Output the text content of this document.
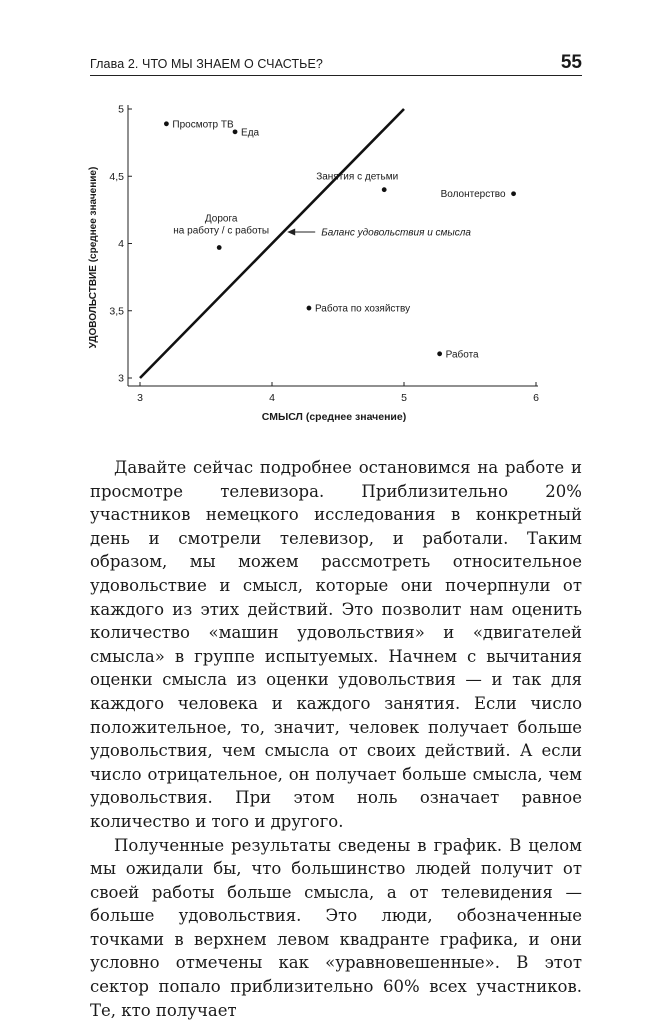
Глава 2. ЧТО МЫ ЗНАЕМ О СЧАСТЬЕ?	55
3
3,5
4
4,5
5
3	4	5	6
СМЫСЛ (среднее значение)
УДОВОЛЬСТВИЕ (среднее значение)	Баланс удовольствия и смысла
Просмотр ТВ
Еда
Занятия с детьми
Волонтерство
Дорога на работу / с работы
Работа по хозяйству
Работа

Давайте сейчас подробнее остановимся на работе и просмотре телевизора. Приблизительно 20% участников немецкого исследования в конкретный день и смотрели телевизор, и работали. Таким образом, мы можем рассмотреть относительное удовольствие и смысл, которые они почерпнули от каждого из этих действий. Это позволит нам оценить количество «машин удовольствия» и «двигателей смысла» в группе испытуемых. Начнем с вычитания оценки смысла из оценки удовольствия — и так для каждого человека и каждого занятия. Если число положительное, то, значит, человек получает больше удовольствия, чем смысла от своих действий. А если число отрицательное, он получает больше смысла, чем удовольствия. При этом ноль означает равное количество и того и другого.

Полученные результаты сведены в график. В целом мы ожидали бы, что большинство людей получит от своей работы больше смысла, а от телевидения — больше удовольствия. Это люди, обозначенные точками в верхнем левом квадранте графика, и они условно отмечены как «уравновешенные». В этот сектор попало приблизительно 60% всех участников. Те, кто получает
